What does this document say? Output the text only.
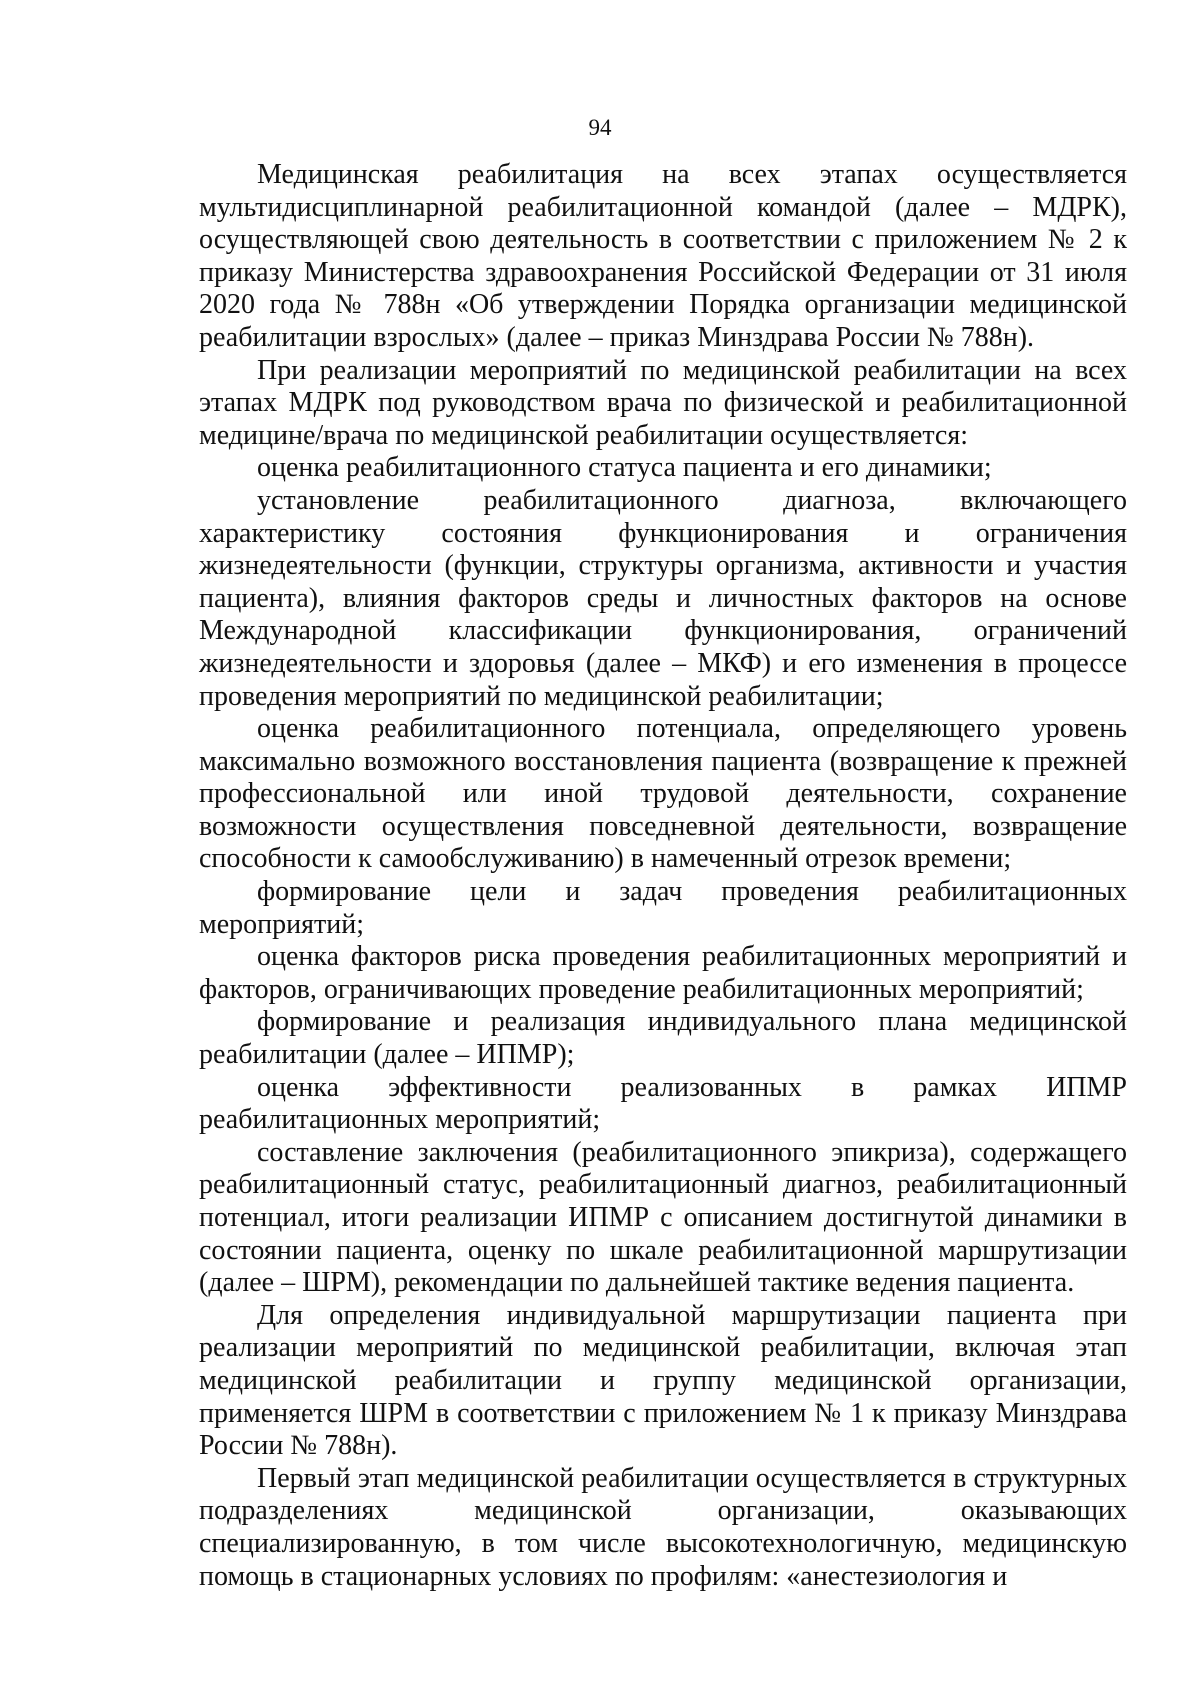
94

Медицинская реабилитация на всех этапах осуществляется мультидисциплинарной реабилитационной командой (далее – МДРК), осуществляющей свою деятельность в соответствии с приложением № 2 к приказу Министерства здравоохранения Российской Федерации от 31 июля 2020 года № 788н «Об утверждении Порядка организации медицинской реабилитации взрослых» (далее – приказ Минздрава России № 788н).

При реализации мероприятий по медицинской реабилитации на всех этапах МДРК под руководством врача по физической и реабилитационной медицине/врача по медицинской реабилитации осуществляется:

оценка реабилитационного статуса пациента и его динамики;

установление реабилитационного диагноза, включающего характеристику состояния функционирования и ограничения жизнедеятельности (функции, структуры организма, активности и участия пациента), влияния факторов среды и личностных факторов на основе Международной классификации функционирования, ограничений жизнедеятельности и здоровья (далее – МКФ) и его изменения в процессе проведения мероприятий по медицинской реабилитации;

оценка реабилитационного потенциала, определяющего уровень максимально возможного восстановления пациента (возвращение к прежней профессиональной или иной трудовой деятельности, сохранение возможности осуществления повседневной деятельности, возвращение способности к самообслуживанию) в намеченный отрезок времени;

формирование цели и задач проведения реабилитационных мероприятий;

оценка факторов риска проведения реабилитационных мероприятий и факторов, ограничивающих проведение реабилитационных мероприятий;

формирование и реализация индивидуального плана медицинской реабилитации (далее – ИПМР);

оценка эффективности реализованных в рамках ИПМР реабилитационных мероприятий;

составление заключения (реабилитационного эпикриза), содержащего реабилитационный статус, реабилитационный диагноз, реабилитационный потенциал, итоги реализации ИПМР с описанием достигнутой динамики в состоянии пациента, оценку по шкале реабилитационной маршрутизации (далее – ШРМ), рекомендации по дальнейшей тактике ведения пациента.

Для определения индивидуальной маршрутизации пациента при реализации мероприятий по медицинской реабилитации, включая этап медицинской реабилитации и группу медицинской организации, применяется ШРМ в соответствии с приложением № 1 к приказу Минздрава России № 788н).

Первый этап медицинской реабилитации осуществляется в структурных подразделениях медицинской организации, оказывающих специализированную, в том числе высокотехнологичную, медицинскую помощь в стационарных условиях по профилям: «анестезиология и
